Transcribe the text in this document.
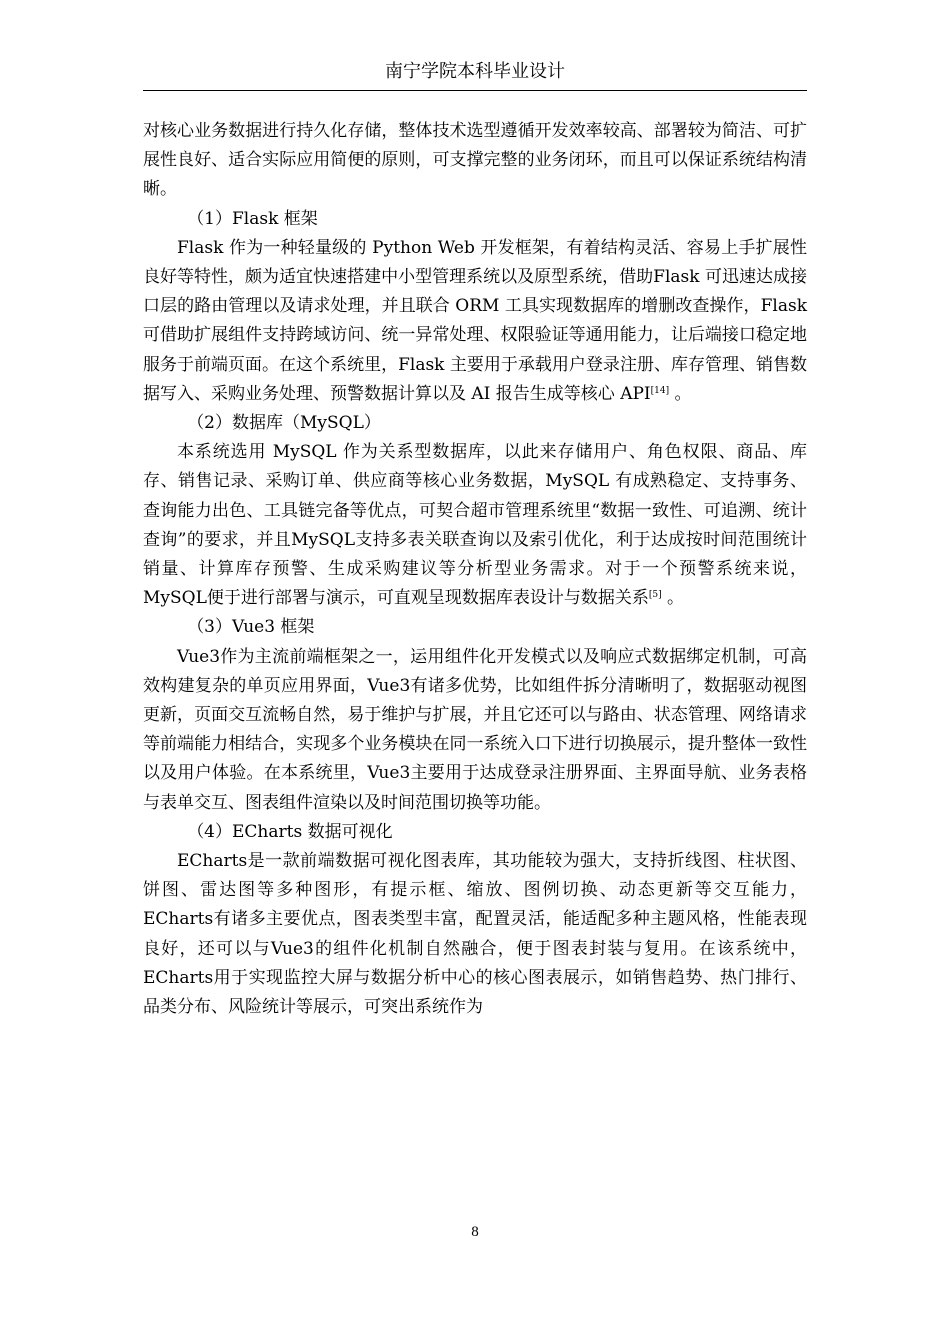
南宁学院本科毕业设计

对核心业务数据进行持久化存储，整体技术选型遵循开发效率较高、部署较为简洁、可扩展性良好、适合实际应用简便的原则，可支撑完整的业务闭环，而且可以保证系统结构清晰。

（1）Flask 框架

Flask 作为一种轻量级的 Python Web 开发框架，有着结构灵活、容易上手扩展性良好等特性，颇为适宜快速搭建中小型管理系统以及原型系统，借助Flask 可迅速达成接口层的路由管理以及请求处理，并且联合 ORM 工具实现数据库的增删改查操作，Flask 可借助扩展组件支持跨域访问、统一异常处理、权限验证等通用能力，让后端接口稳定地服务于前端页面。在这个系统里，Flask 主要用于承载用户登录注册、库存管理、销售数据写入、采购业务处理、预警数据计算以及 AI 报告生成等核心 API[14] 。

（2）数据库（MySQL）

本系统选用 MySQL 作为关系型数据库，以此来存储用户、角色权限、商品、库存、销售记录、采购订单、供应商等核心业务数据，MySQL 有成熟稳定、支持事务、查询能力出色、工具链完备等优点，可契合超市管理系统里“数据一致性、可追溯、统计查询”的要求，并且MySQL支持多表关联查询以及索引优化，利于达成按时间范围统计销量、计算库存预警、生成采购建议等分析型业务需求。对于一个预警系统来说，MySQL便于进行部署与演示，可直观呈现数据库表设计与数据关系[5] 。

（3）Vue3 框架

Vue3作为主流前端框架之一，运用组件化开发模式以及响应式数据绑定机制，可高效构建复杂的单页应用界面，Vue3有诸多优势，比如组件拆分清晰明了，数据驱动视图更新，页面交互流畅自然，易于维护与扩展，并且它还可以与路由、状态管理、网络请求等前端能力相结合，实现多个业务模块在同一系统入口下进行切换展示，提升整体一致性以及用户体验。在本系统里，Vue3主要用于达成登录注册界面、主界面导航、业务表格与表单交互、图表组件渲染以及时间范围切换等功能。

（4）ECharts 数据可视化

ECharts是一款前端数据可视化图表库，其功能较为强大，支持折线图、柱状图、饼图、雷达图等多种图形，有提示框、缩放、图例切换、动态更新等交互能力，ECharts有诸多主要优点，图表类型丰富，配置灵活，能适配多种主题风格，性能表现良好，还可以与Vue3的组件化机制自然融合，便于图表封装与复用。在该系统中，ECharts用于实现监控大屏与数据分析中心的核心图表展示，如销售趋势、热门排行、品类分布、风险统计等展示，可突出系统作为

8
